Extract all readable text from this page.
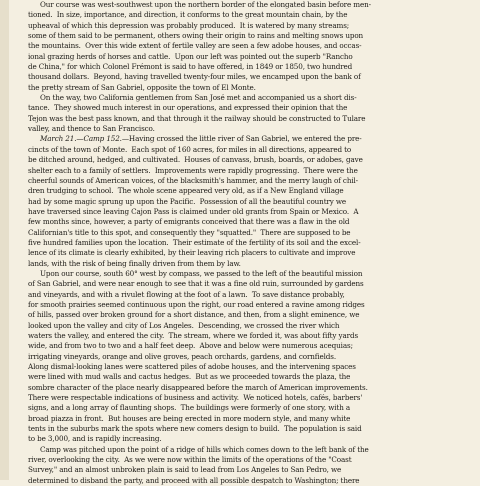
Our course was west-southwest upon the northern border of the elongated basin before men-
tioned.  In size, importance, and direction, it conforms to the great mountain chain, by the
upheaval of which this depression was probably produced.  It is watered by many streams;
some of them said to be permanent, others owing their origin to rains and melting snows upon
the mountains.  Over this wide extent of fertile valley are seen a few adobe houses, and occas-
ional grazing herds of horses and cattle.  Upon our left was pointed out the superb "Rancho
de China," for which Colonel Frémont is said to have offered, in 1849 or 1850, two hundred
thousand dollars.  Beyond, having travelled twenty-four miles, we encamped upon the bank of
the pretty stream of San Gabriel, opposite the town of El Monte.
On the way, two California gentlemen from San José met and accompanied us a short dis-
tance.  They showed much interest in our operations, and expressed their opinion that the
Tejon was the best pass known, and that through it the railway should be constructed to Tulare
valley, and thence to San Francisco.
March 21.—Camp 152.—Having crossed the little river of San Gabriel, we entered the pre-
cincts of the town of Monte.  Each spot of 160 acres, for miles in all directions, appeared to
be ditched around, hedged, and cultivated.  Houses of canvass, brush, boards, or adobes, gave
shelter each to a family of settlers.  Improvements were rapidly progressing.  There were the
cheerful sounds of American voices, of the blacksmith's hammer, and the merry laugh of chil-
dren trudging to school.  The whole scene appeared very old, as if a New England village
had by some magic sprung up upon the Pacific.  Possession of all the beautiful country we
have traversed since leaving Cajon Pass is claimed under old grants from Spain or Mexico.  A
few months since, however, a party of emigrants conceived that there was a flaw in the old
Californian's title to this spot, and consequently they "squatted."  There are supposed to be
five hundred families upon the location.  Their estimate of the fertility of its soil and the excel-
lence of its climate is clearly exhibited, by their leaving rich placers to cultivate and improve
lands, with the risk of being finally driven from them by law.
Upon our course, south 60° west by compass, we passed to the left of the beautiful mission
of San Gabriel, and were near enough to see that it was a fine old ruin, surrounded by gardens
and vineyards, and with a rivulet flowing at the foot of a lawn.  To save distance probably,
for smooth prairies seemed continuous upon the right, our road entered a ravine among ridges
of hills, passed over broken ground for a short distance, and then, from a slight eminence, we
looked upon the valley and city of Los Angeles.  Descending, we crossed the river which
waters the valley, and entered the city.  The stream, where we forded it, was about fifty yards
wide, and from two to two and a half feet deep.  Above and below were numerous acequias;
irrigating vineyards, orange and olive groves, peach orchards, gardens, and cornfields.
Along dismal-looking lanes were scattered piles of adobe houses, and the intervening spaces
were lined with mud walls and cactus hedges.  But as we proceeded towards the plaza, the
sombre character of the place nearly disappeared before the march of American improvements.
There were respectable indications of business and activity.  We noticed hotels, cafés, barbers'
signs, and a long array of flaunting shops.  The buildings were formerly of one story, with a
broad piazza in front.  But houses are being erected in more modern style, and many white
tents in the suburbs mark the spots where new comers design to build.  The population is said
to be 3,000, and is rapidly increasing.
Camp was pitched upon the point of a ridge of hills which comes down to the left bank of the
river, overlooking the city.  As we were now within the limits of the operations of the "Coast
Survey," and an almost unbroken plain is said to lead from Los Angeles to San Pedro, we
determined to disband the party, and proceed with all possible despatch to Washington; there
